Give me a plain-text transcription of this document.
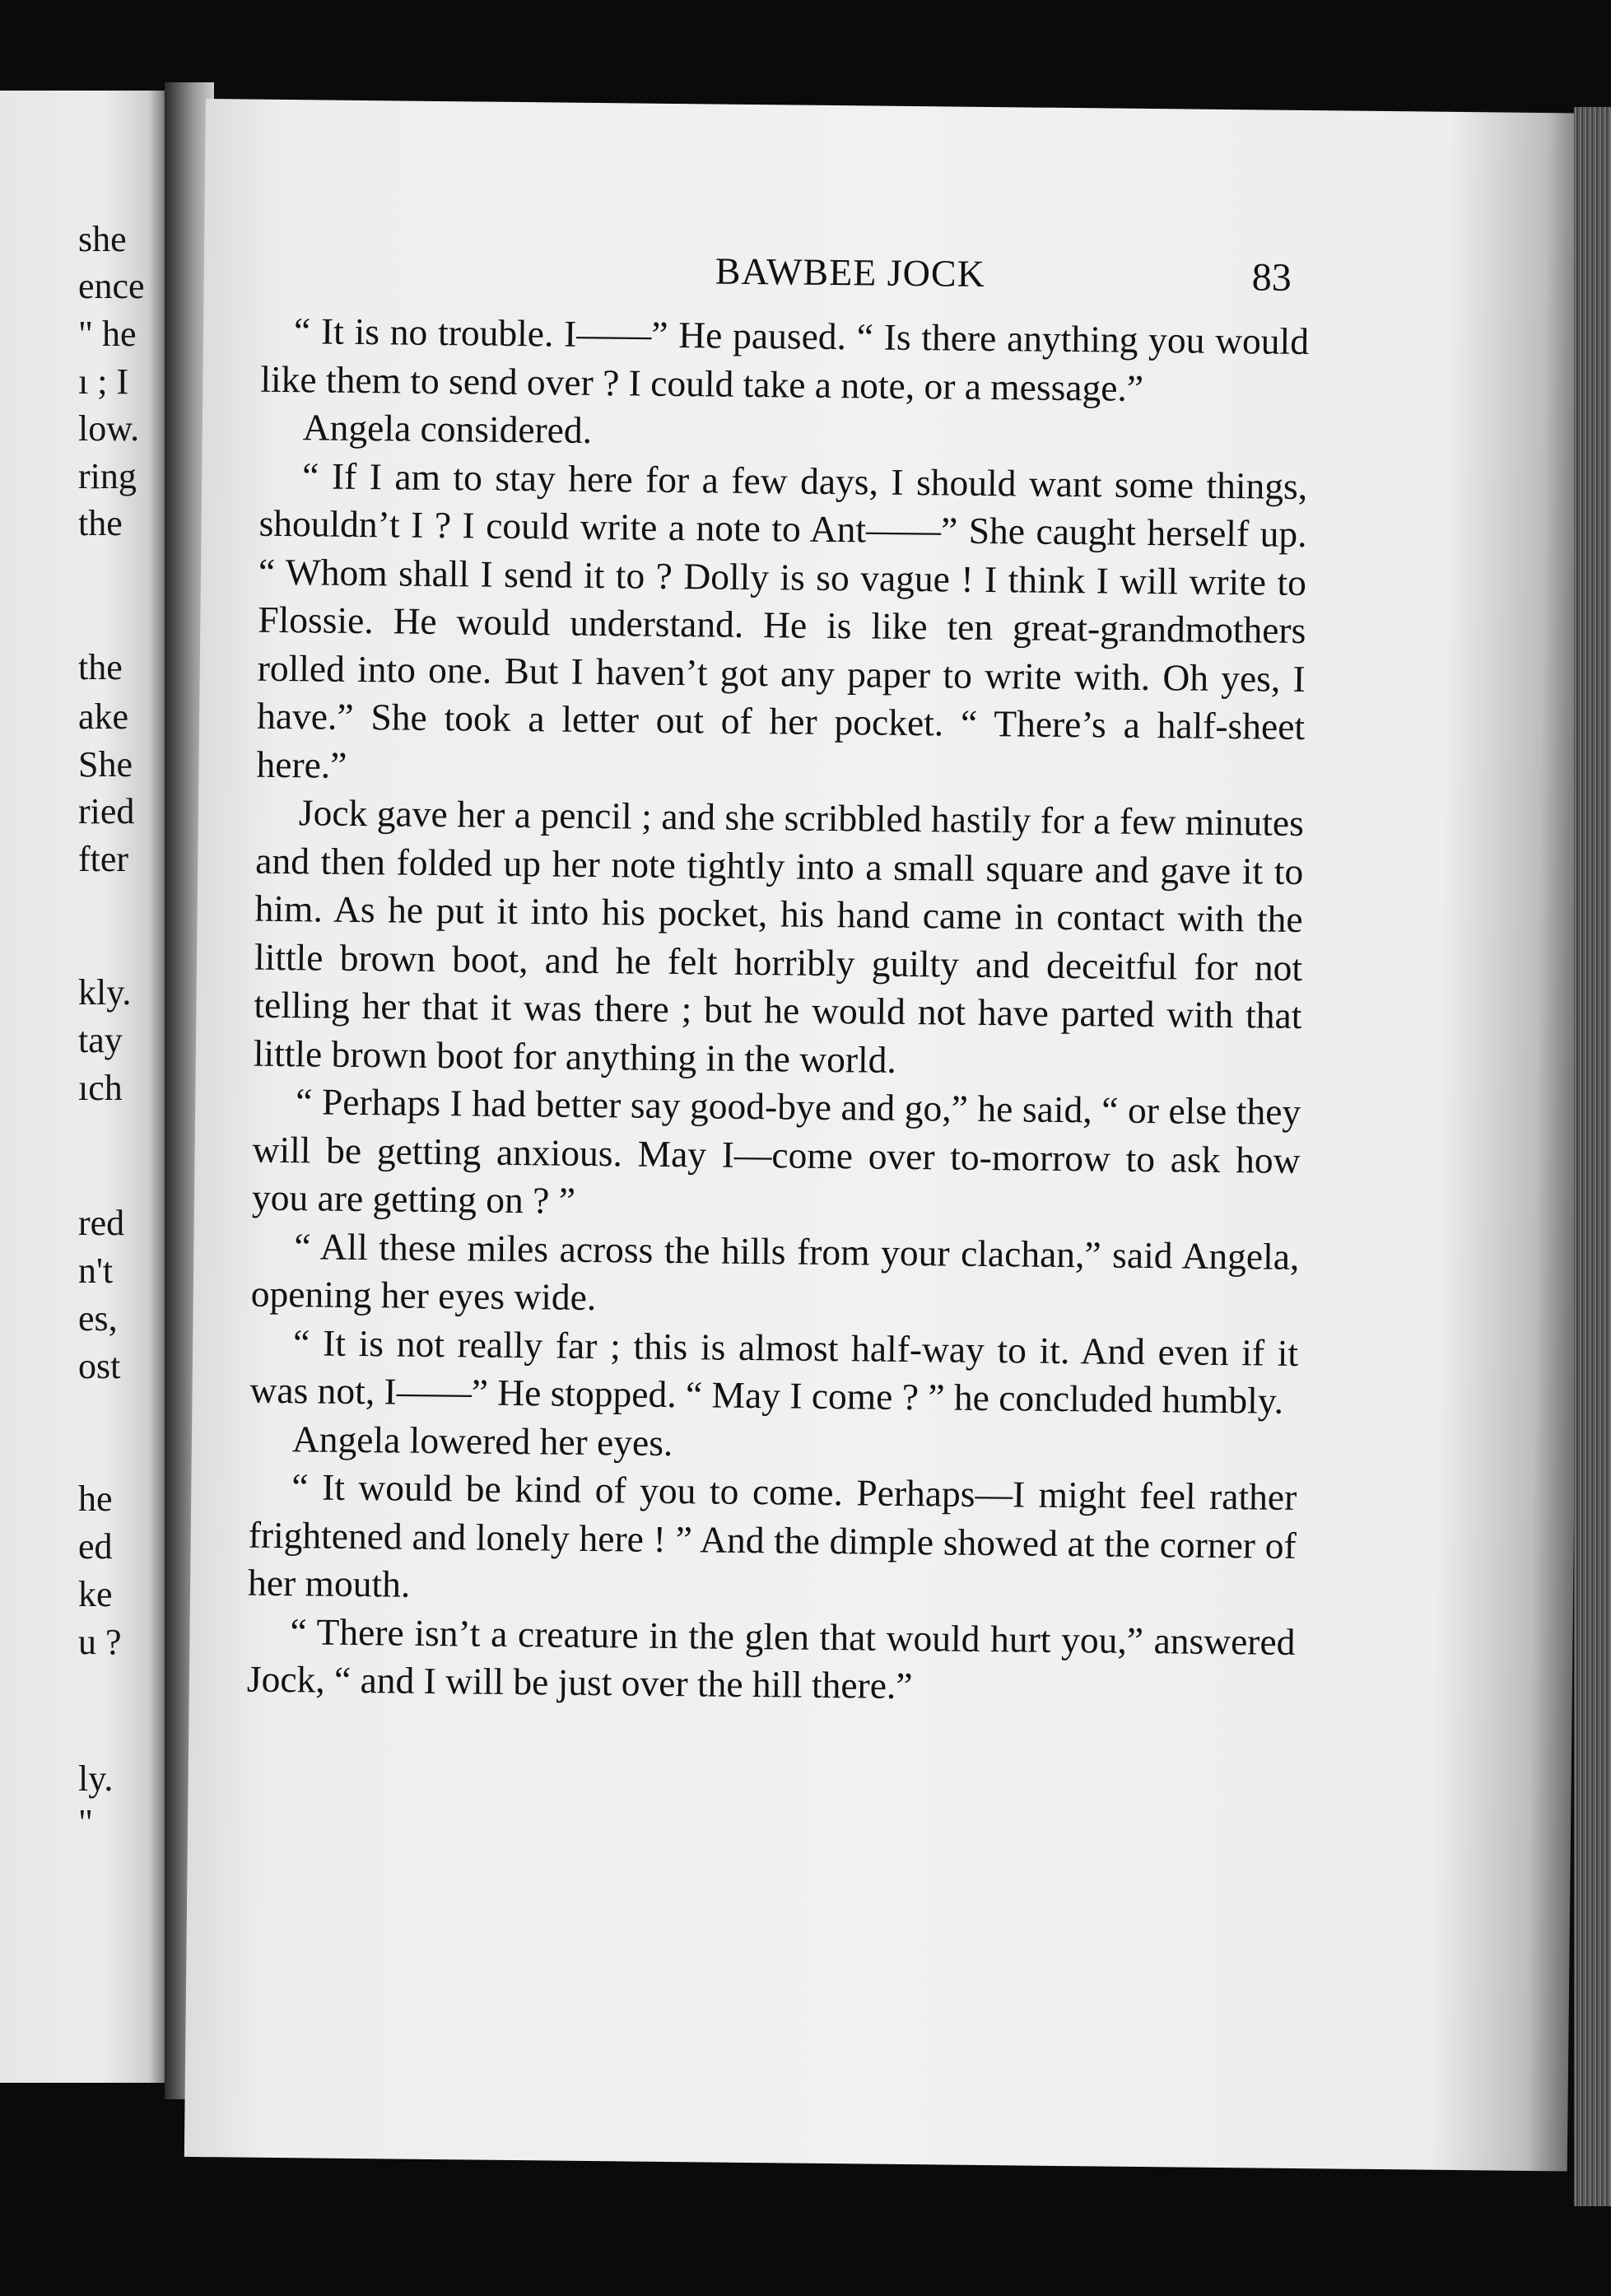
she
ence
" he
ı ; I
low.
ring
the
the
ake
She
ried
fter
kly.
tay
ıch
red
n't
es,
ost
he
ed
ke
u ?
ly.
"
BAWBEE JOCK	83

“ It is no trouble. I——” He paused. “ Is there anything you would like them to send over ? I could take a note, or a message.”

Angela considered.

“ If I am to stay here for a few days, I should want some things, shouldn’t I ? I could write a note to Ant——” She caught herself up. “ Whom shall I send it to ? Dolly is so vague ! I think I will write to Flossie. He would understand. He is like ten great-grandmothers rolled into one. But I haven’t got any paper to write with. Oh yes, I have.” She took a letter out of her pocket. “ There’s a half-sheet here.”

Jock gave her a pencil ; and she scribbled hastily for a few minutes and then folded up her note tightly into a small square and gave it to him. As he put it into his pocket, his hand came in contact with the little brown boot, and he felt horribly guilty and deceitful for not telling her that it was there ; but he would not have parted with that little brown boot for anything in the world.

“ Perhaps I had better say good-bye and go,” he said, “ or else they will be getting anxious. May I—come over to-morrow to ask how you are getting on ? ”

“ All these miles across the hills from your clachan,” said Angela, opening her eyes wide.

“ It is not really far ; this is almost half-way to it. And even if it was not, I——” He stopped. “ May I come ? ” he concluded humbly.

Angela lowered her eyes.

“ It would be kind of you to come. Perhaps—I might feel rather frightened and lonely here ! ” And the dimple showed at the corner of her mouth.

“ There isn’t a creature in the glen that would hurt you,” answered Jock, “ and I will be just over the hill there.”
